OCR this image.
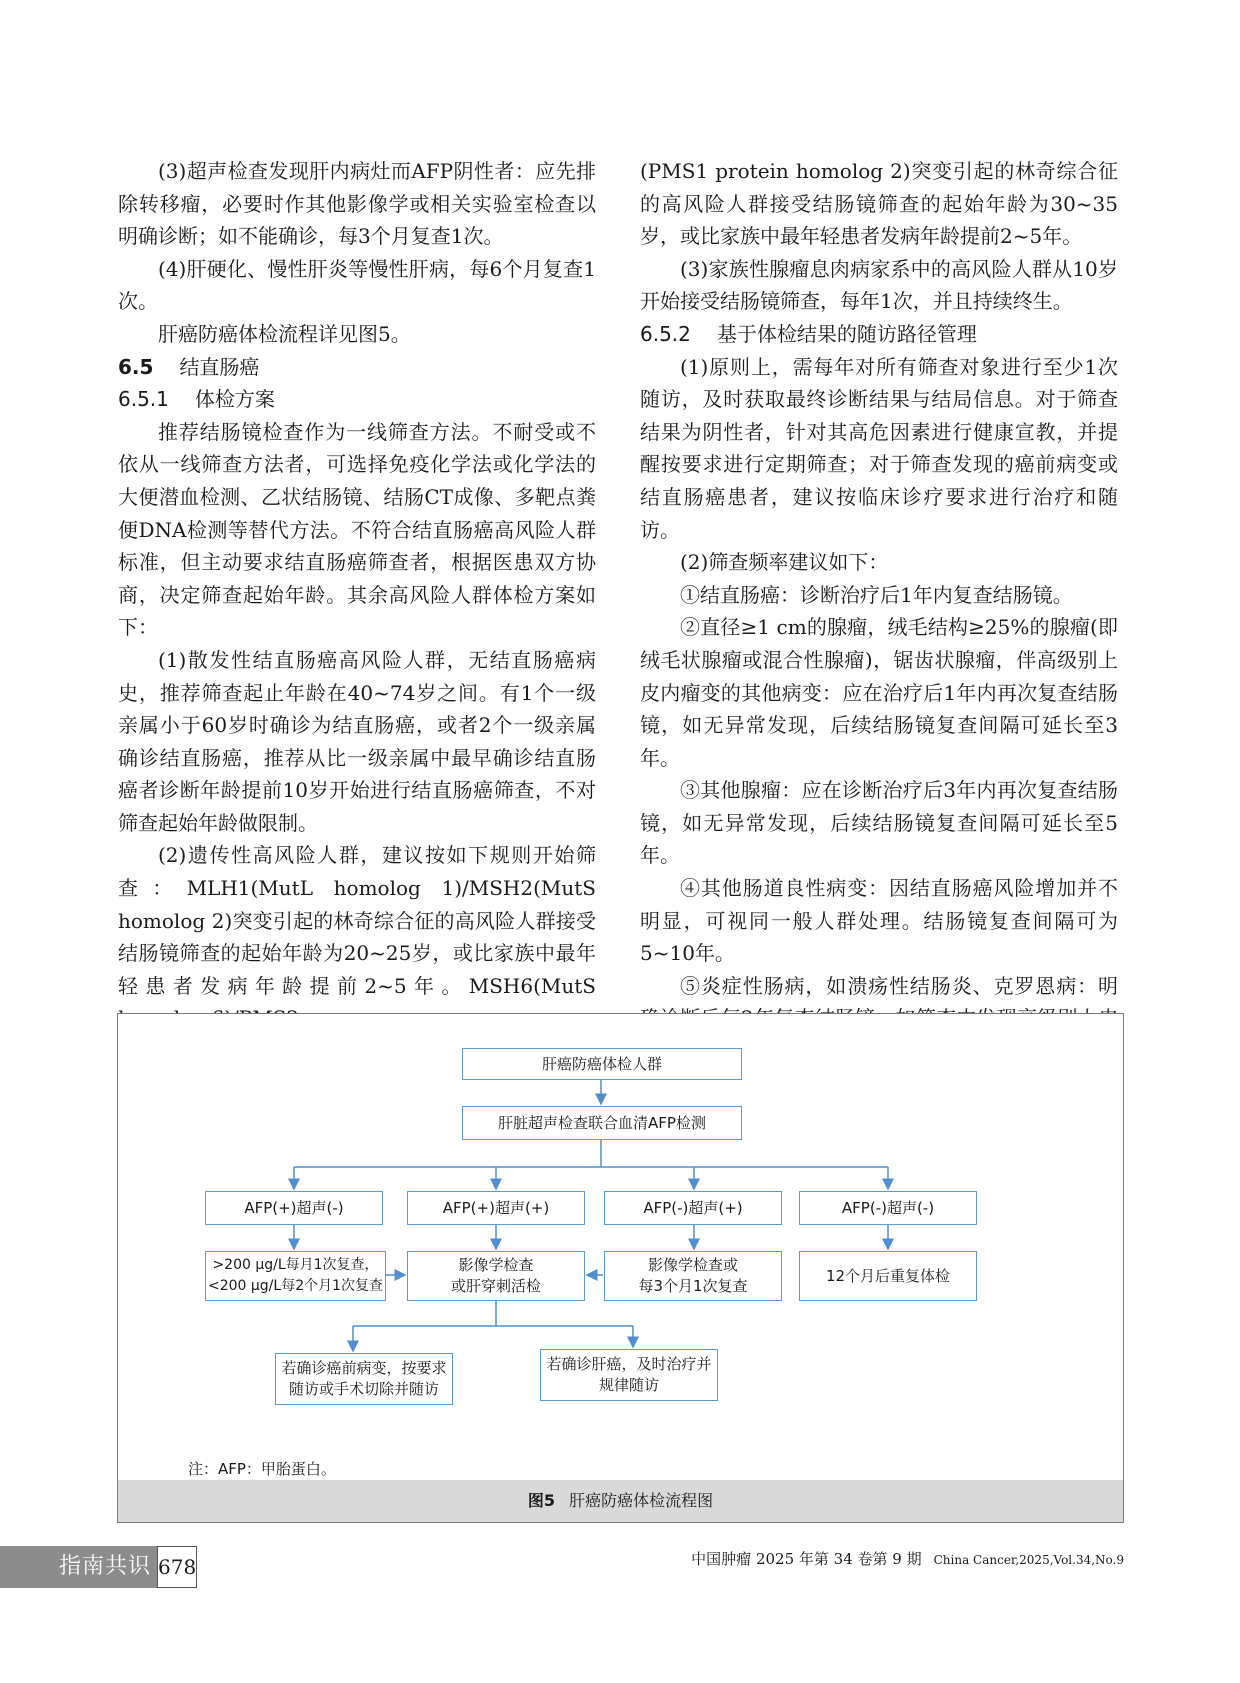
(3)超声检查发现肝内病灶而AFP阴性者：应先排除转移瘤，必要时作其他影像学或相关实验室检查以明确诊断；如不能确诊，每3个月复查1次。

(4)肝硬化、慢性肝炎等慢性肝病，每6个月复查1次。

肝癌防癌体检流程详见图5。

6.5 结直肠癌

6.5.1 体检方案

推荐结肠镜检查作为一线筛查方法。不耐受或不依从一线筛查方法者，可选择免疫化学法或化学法的大便潜血检测、乙状结肠镜、结肠CT成像、多靶点粪便DNA检测等替代方法。不符合结直肠癌高风险人群标准，但主动要求结直肠癌筛查者，根据医患双方协商，决定筛查起始年龄。其余高风险人群体检方案如下：

(1)散发性结直肠癌高风险人群，无结直肠癌病史，推荐筛查起止年龄在40~74岁之间。有1个一级亲属小于60岁时确诊为结直肠癌，或者2个一级亲属确诊结直肠癌，推荐从比一级亲属中最早确诊结直肠癌者诊断年龄提前10岁开始进行结直肠癌筛查，不对筛查起始年龄做限制。

(2)遗传性高风险人群，建议按如下规则开始筛查：MLH1(MutL homolog 1)/MSH2(MutS homolog 2)突变引起的林奇综合征的高风险人群接受结肠镜筛查的起始年龄为20~25岁，或比家族中最年轻患者发病年龄提前2~5年。MSH6(MutS

(PMS1 protein homolog 2)突变引起的林奇综合征的高风险人群接受结肠镜筛查的起始年龄为30~35岁，或比家族中最年轻患者发病年龄提前2~5年。

(3)家族性腺瘤息肉病家系中的高风险人群从10岁开始接受结肠镜筛查，每年1次，并且持续终生。

6.5.2 基于体检结果的随访路径管理

(1)原则上，需每年对所有筛查对象进行至少1次随访，及时获取最终诊断结果与结局信息。对于筛查结果为阴性者，针对其高危因素进行健康宣教，并提醒按要求进行定期筛查；对于筛查发现的癌前病变或结直肠癌患者，建议按临床诊疗要求进行治疗和随访。

(2)筛查频率建议如下：

①结直肠癌：诊断治疗后1年内复查结肠镜。

②直径≥1 cm的腺瘤，绒毛结构≥25%的腺瘤(即绒毛状腺瘤或混合性腺瘤)，锯齿状腺瘤，伴高级别上皮内瘤变的其他病变：应在治疗后1年内再次复查结肠镜，如无异常发现，后续结肠镜复查间隔可延长至3年。

③其他腺瘤：应在诊断治疗后3年内再次复查结肠镜，如无异常发现，后续结肠镜复查间隔可延长至5年。

④其他肠道良性病变：因结直肠癌风险增加并不明显，可视同一般人群处理。结肠镜复查间隔可为5~10年。

⑤炎症性肠病，如溃疡性结肠炎、克罗恩病：明

肝癌防癌体检人群
肝脏超声检查联合血清AFP检测
AFP(+)超声(-)	AFP(+)超声(+)	AFP(-)超声(+)	AFP(-)超声(-)
>200 μg/L每月1次复查，
<200 μg/L每2个月1次复查
影像学检查
或肝穿刺活检
影像学检查或
每3个月1次复查
12个月后重复体检
若确诊癌前病变，按要求
随访或手术切除并随访
若确诊肝癌，及时治疗并
规律随访
注：AFP：甲胎蛋白。
图5 肝癌防癌体检流程图
指南共识 678	中国肿瘤 2025 年第 34 卷第 9 期 China Cancer,2025,Vol.34,No.9
